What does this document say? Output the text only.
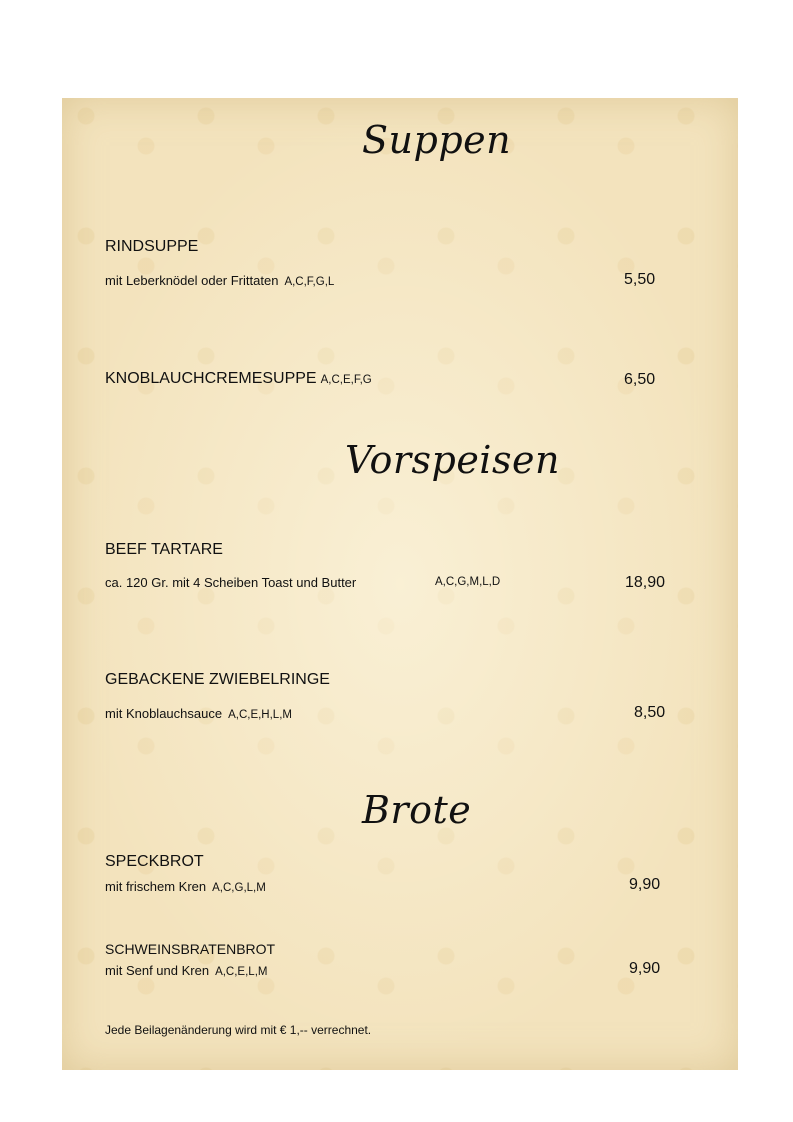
Suppen
RINDSUPPE
mit Leberknödel oder Frittaten A,C,F,G,L	5,50
KNOBLAUCHCREMESUPPE A,C,E,F,G	6,50
Vorspeisen
BEEF TARTARE
ca. 120 Gr. mit 4 Scheiben Toast und Butter	A,C,G,M,L,D	18,90
GEBACKENE ZWIEBELRINGE
mit Knoblauchsauce A,C,E,H,L,M	8,50
Brote
SPECKBROT
mit frischem Kren A,C,G,L,M	9,90
SCHWEINSBRATENBROT
mit Senf und Kren A,C,E,L,M	9,90
Jede Beilagenänderung wird mit € 1,-- verrechnet.
